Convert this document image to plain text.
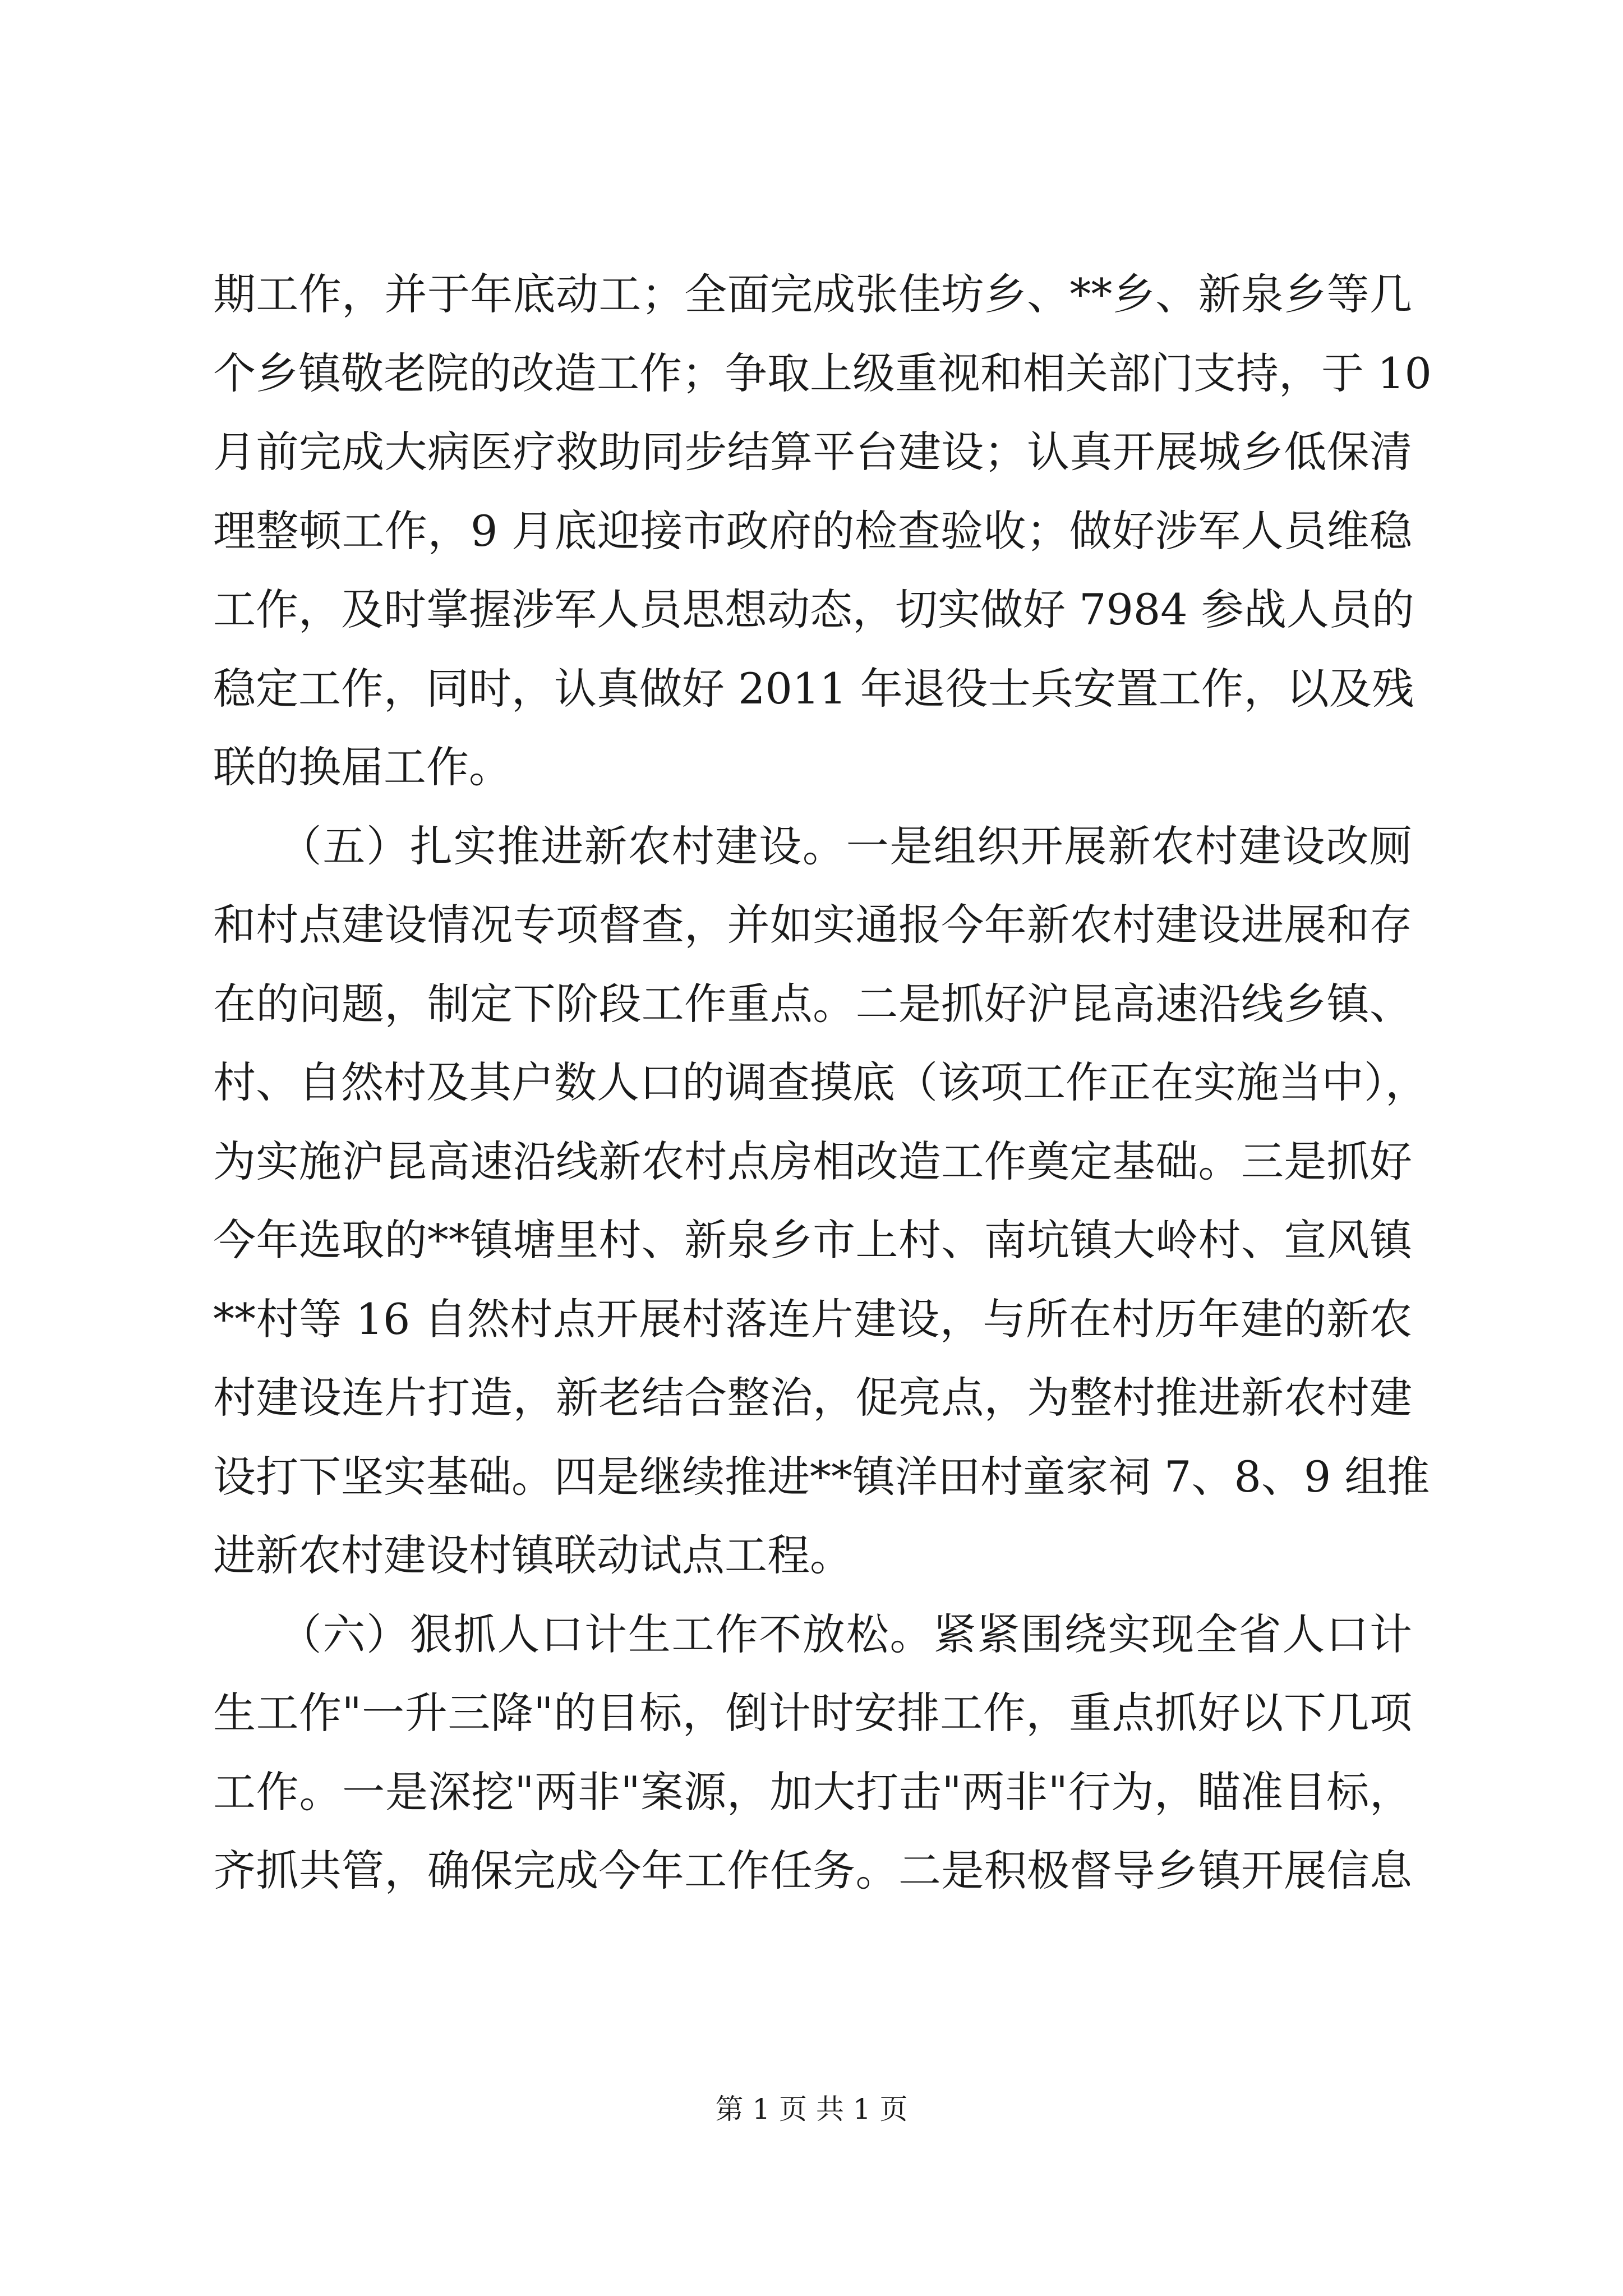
期工作，并于年底动工；全面完成张佳坊乡、**乡、新泉乡等几
个乡镇敬老院的改造工作；争取上级重视和相关部门支持，于 10
月前完成大病医疗救助同步结算平台建设；认真开展城乡低保清
理整顿工作，9 月底迎接市政府的检查验收；做好涉军人员维稳
工作，及时掌握涉军人员思想动态，切实做好 7984 参战人员的
稳定工作，同时，认真做好 2011 年退役士兵安置工作，以及残
联的换届工作。
　　（五）扎实推进新农村建设。一是组织开展新农村建设改厕
和村点建设情况专项督查，并如实通报今年新农村建设进展和存
在的问题，制定下阶段工作重点。二是抓好沪昆高速沿线乡镇、
村、自然村及其户数人口的调查摸底（该项工作正在实施当中），
为实施沪昆高速沿线新农村点房相改造工作奠定基础。三是抓好
今年选取的**镇塘里村、新泉乡市上村、南坑镇大岭村、宣风镇
**村等 16 自然村点开展村落连片建设，与所在村历年建的新农
村建设连片打造，新老结合整治，促亮点，为整村推进新农村建
设打下坚实基础。四是继续推进**镇洋田村童家祠 7、8、9 组推
进新农村建设村镇联动试点工程。
　　（六）狠抓人口计生工作不放松。紧紧围绕实现全省人口计
生工作"一升三降"的目标，倒计时安排工作，重点抓好以下几项
工作。一是深挖"两非"案源，加大打击"两非"行为，瞄准目标，
齐抓共管，确保完成今年工作任务。二是积极督导乡镇开展信息
第 1 页 共 1 页
